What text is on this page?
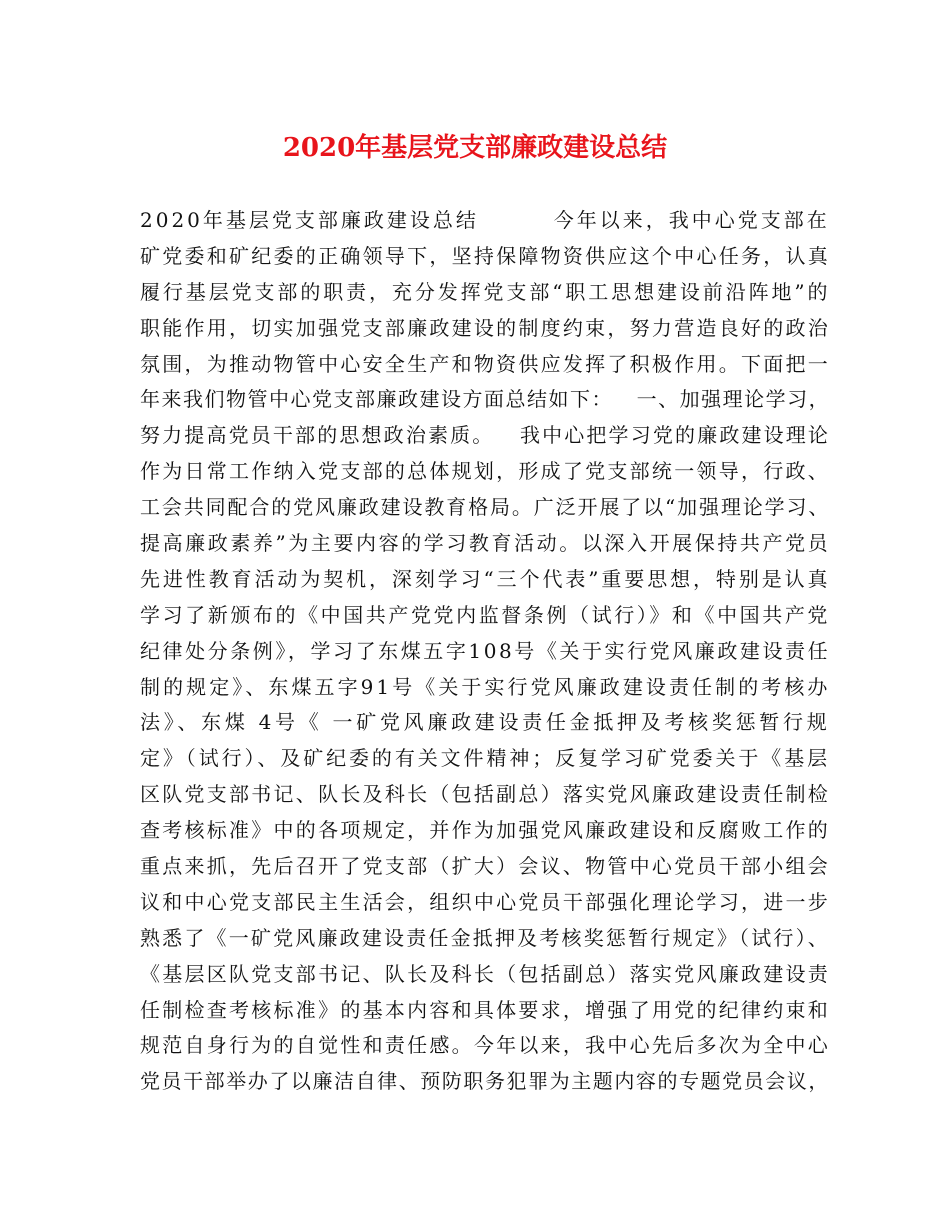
2020年基层党支部廉政建设总结
2020年基层党支部廉政建设总结        今年以来，我中心党支部在
矿党委和矿纪委的正确领导下，坚持保障物资供应这个中心任务，认真
履行基层党支部的职责，充分发挥党支部“职工思想建设前沿阵地”的
职能作用，切实加强党支部廉政建设的制度约束，努力营造良好的政治
氛围，为推动物管中心安全生产和物资供应发挥了积极作用。下面把一
年来我们物管中心党支部廉政建设方面总结如下：   一、加强理论学习，
努力提高党员干部的思想政治素质。   我中心把学习党的廉政建设理论
作为日常工作纳入党支部的总体规划，形成了党支部统一领导，行政、
工会共同配合的党风廉政建设教育格局。广泛开展了以“加强理论学习、
提高廉政素养”为主要内容的学习教育活动。以深入开展保持共产党员
先进性教育活动为契机，深刻学习“三个代表”重要思想，特别是认真
学习了新颁布的《中国共产党党内监督条例（试行）》和《中国共产党
纪律处分条例》，学习了东煤五字108号《关于实行党风廉政建设责任
制的规定》、东煤五字91号《关于实行党风廉政建设责任制的考核办
法》、东煤 4号《 一矿党风廉政建设责任金抵押及考核奖惩暂行规
定》（试行）、及矿纪委的有关文件精神；反复学习矿党委关于《基层
区队党支部书记、队长及科长（包括副总）落实党风廉政建设责任制检
查考核标准》中的各项规定，并作为加强党风廉政建设和反腐败工作的
重点来抓，先后召开了党支部（扩大）会议、物管中心党员干部小组会
议和中心党支部民主生活会，组织中心党员干部强化理论学习，进一步
熟悉了《一矿党风廉政建设责任金抵押及考核奖惩暂行规定》（试行）、
《基层区队党支部书记、队长及科长（包括副总）落实党风廉政建设责
任制检查考核标准》的基本内容和具体要求，增强了用党的纪律约束和
规范自身行为的自觉性和责任感。今年以来，我中心先后多次为全中心
党员干部举办了以廉洁自律、预防职务犯罪为主题内容的专题党员会议，
